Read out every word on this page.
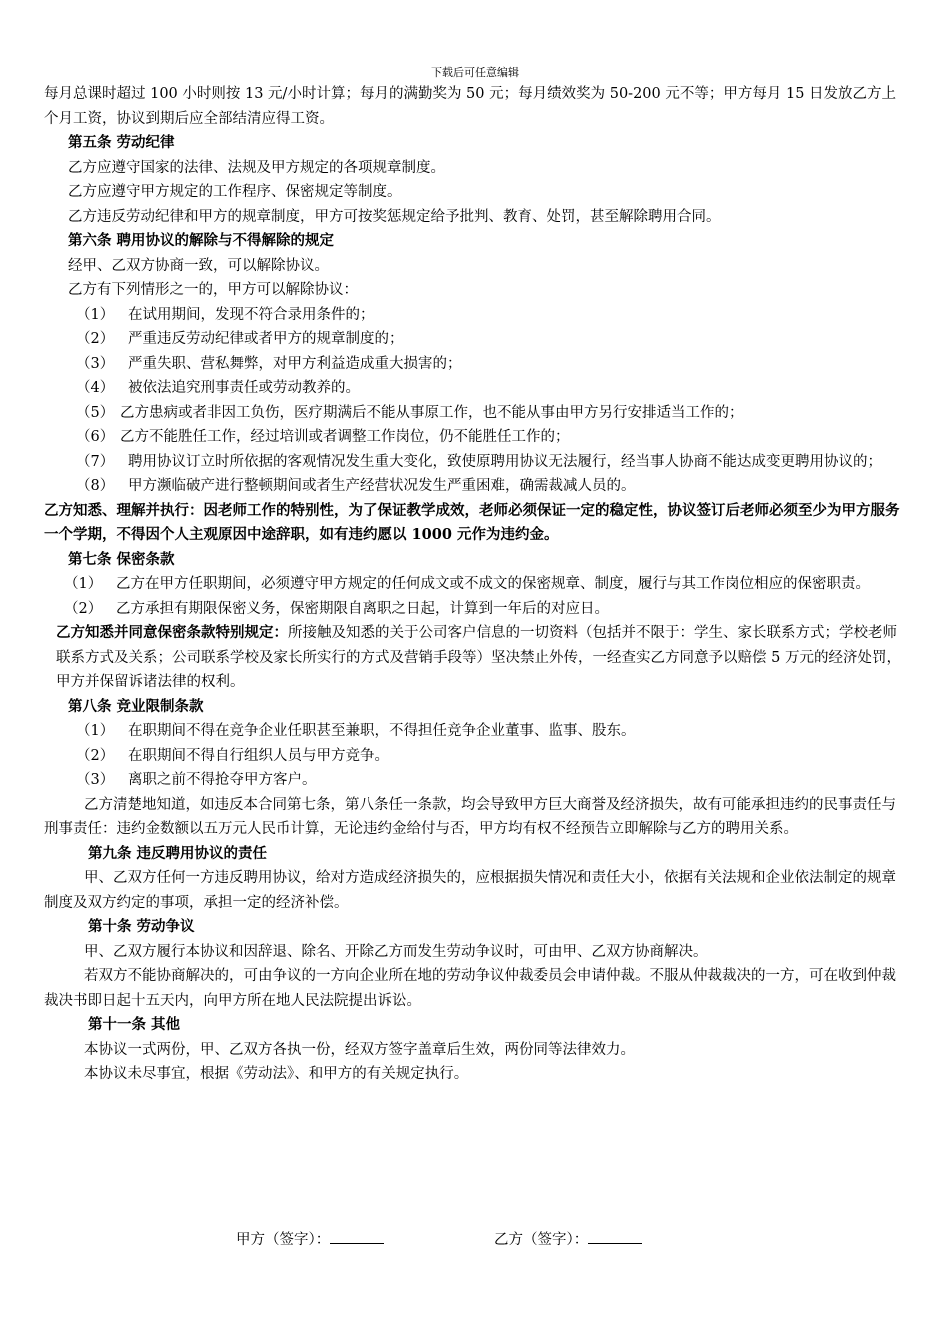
下载后可任意编辑

每月总课时超过 100 小时则按 13 元/小时计算；每月的满勤奖为 50 元；每月绩效奖为 50-200 元不等；甲方每月 15 日发放乙方上个月工资，协议到期后应全部结清应得工资。

第五条 劳动纪律

乙方应遵守国家的法律、法规及甲方规定的各项规章制度。

乙方应遵守甲方规定的工作程序、保密规定等制度。

乙方违反劳动纪律和甲方的规章制度，甲方可按奖惩规定给予批判、教育、处罚，甚至解除聘用合同。

第六条 聘用协议的解除与不得解除的规定

经甲、乙双方协商一致，可以解除协议。

乙方有下列情形之一的，甲方可以解除协议：

（1） 在试用期间，发现不符合录用条件的；
（2） 严重违反劳动纪律或者甲方的规章制度的；
（3） 严重失职、营私舞弊，对甲方利益造成重大损害的；
（4） 被依法追究刑事责任或劳动教养的。
（5） 乙方患病或者非因工负伤，医疗期满后不能从事原工作，也不能从事由甲方另行安排适当工作的；
（6） 乙方不能胜任工作，经过培训或者调整工作岗位，仍不能胜任工作的；
（7） 聘用协议订立时所依据的客观情况发生重大变化，致使原聘用协议无法履行，经当事人协商不能达成变更聘用协议的；
（8） 甲方濒临破产进行整顿期间或者生产经营状况发生严重困难，确需裁减人员的。

乙方知悉、理解并执行：因老师工作的特别性，为了保证教学成效，老师必须保证一定的稳定性，协议签订后老师必须至少为甲方服务一个学期，不得因个人主观原因中途辞职，如有违约愿以 1000 元作为违约金。

第七条 保密条款

（1） 乙方在甲方任职期间，必须遵守甲方规定的任何成文或不成文的保密规章、制度，履行与其工作岗位相应的保密职责。
（2） 乙方承担有期限保密义务，保密期限自离职之日起，计算到一年后的对应日。

乙方知悉并同意保密条款特别规定：所接触及知悉的关于公司客户信息的一切资料（包括并不限于：学生、家长联系方式；学校老师联系方式及关系；公司联系学校及家长所实行的方式及营销手段等）坚决禁止外传，一经查实乙方同意予以赔偿 5 万元的经济处罚，甲方并保留诉诸法律的权利。

第八条 竞业限制条款

（1） 在职期间不得在竞争企业任职甚至兼职，不得担任竞争企业董事、监事、股东。
（2） 在职期间不得自行组织人员与甲方竞争。
（3） 离职之前不得抢夺甲方客户。

乙方清楚地知道，如违反本合同第七条，第八条任一条款，均会导致甲方巨大商誉及经济损失，故有可能承担违约的民事责任与刑事责任：违约金数额以五万元人民币计算，无论违约金给付与否，甲方均有权不经预告立即解除与乙方的聘用关系。

第九条 违反聘用协议的责任

甲、乙双方任何一方违反聘用协议，给对方造成经济损失的，应根据损失情况和责任大小，依据有关法规和企业依法制定的规章制度及双方约定的事项，承担一定的经济补偿。

第十条 劳动争议

甲、乙双方履行本协议和因辞退、除名、开除乙方而发生劳动争议时，可由甲、乙双方协商解决。

若双方不能协商解决的，可由争议的一方向企业所在地的劳动争议仲裁委员会申请仲裁。不服从仲裁裁决的一方，可在收到仲裁裁决书即日起十五天内，向甲方所在地人民法院提出诉讼。

第十一条 其他

本协议一式两份，甲、乙双方各执一份，经双方签字盖章后生效，两份同等法律效力。

本协议未尽事宜，根据《劳动法》、和甲方的有关规定执行。

甲方（签字）：	乙方（签字）：
